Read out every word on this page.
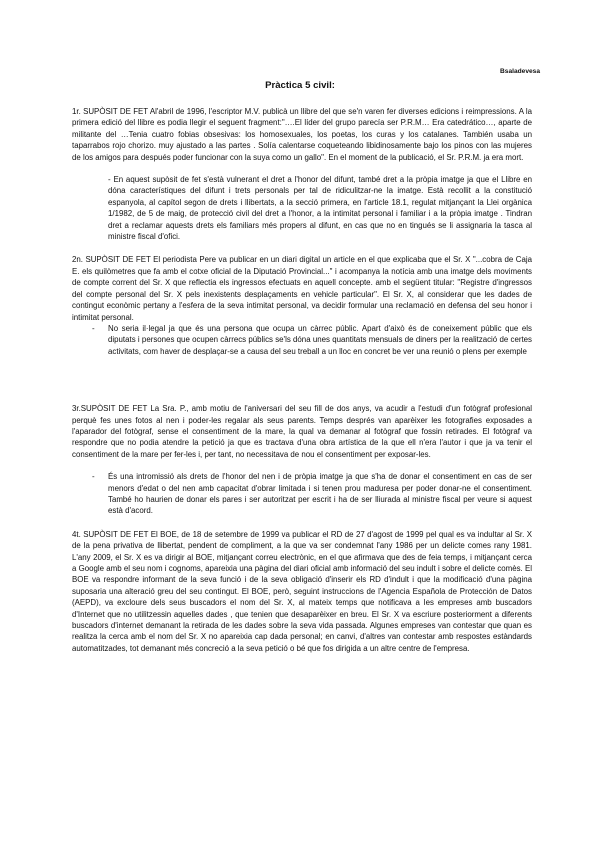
Bsaladevesa
Pràctica 5 civil:

1r. SUPÒSIT DE FET Al'abril de 1996, l'escriptor M.V. publicà un llibre del que se'n varen fer diverses edicions i reimpressions. A la primera edició del llibre es podia llegir el seguent fragment:"….El líder del grupo parecía ser P.R.M… Era catedrático…, aparte de militante del …Tenia cuatro fobias obsesivas: los homosexuales, los poetas, los curas y los catalanes. También usaba un taparrabos rojo chorizo. muy ajustado a las partes . Solía calentarse coqueteando libidinosamente bajo los pinos con las mujeres de los amigos para después poder funcionar con la suya como un gallo". En el moment de la publicació, el Sr. P.R.M. ja era mort.

- En aquest supòsit de fet s'està vulnerant el dret a l'honor del difunt, també dret a la pròpia imatge ja que el Llibre en dóna característiques del difunt i trets personals per tal de ridiculitzar-ne la imatge. Està recollit a la constitució espanyola, al capítol segon de drets i llibertats, a la secció primera, en l'article 18.1, regulat mitjançant la Llei orgànica 1/1982, de 5 de maig, de protecció civil del dret a l'honor, a la intimitat personal i familiar i a la pròpia imatge . Tindran dret a reclamar aquests drets els familiars més propers al difunt, en cas que no en tingués se li assignaria la tasca al ministre fiscal d'ofici.

2n. SUPÒSIT DE FET El periodista Pere va publicar en un diari digital un article en el que explicaba que el Sr. X "...cobra de Caja E. els quilòmetres que fa amb el cotxe oficial de la Diputació Provincial..." i acompanya la notícia amb una imatge dels moviments de compte corrent del Sr. X que reflectia els ingressos efectuats en aquell concepte. amb el següent titular: "Registre d'ingressos del compte personal del Sr. X pels inexistents desplaçaments en vehicle particular". El Sr. X, al considerar que les dades de contingut econòmic pertany a l'esfera de la seva intimitat personal, va decidir formular una reclamació en defensa del seu honor i intimitat personal.

-	No seria il·legal ja que és una persona que ocupa un càrrec públic. Apart d'això és de coneixement públic que els diputats i persones que ocupen càrrecs públics se'ls dóna unes quantitats mensuals de diners per la realització de certes activitats, com haver de desplaçar-se a causa del seu treball a un lloc en concret be ver una reunió o plens per exemple

3r.SUPÒSIT DE FET La Sra. P., amb motiu de l'aniversari del seu fill de dos anys, va acudir a l'estudi d'un fotògraf profesional perquè fes unes fotos al nen i poder-les regalar als seus parents. Temps després van aparèixer les fotografies exposades a l'aparador del fotògraf, sense el consentiment de la mare, la qual va demanar al fotògraf que fossin retirades. El fotògraf va respondre que no podia atendre la petició ja que es tractava d'una obra artística de la que ell n'era l'autor i que ja va tenir el consentiment de la mare per fer-les i, per tant, no necessitava de nou el consentiment per exposar-les.

-	És una intromissió als drets de l'honor del nen i de pròpia imatge ja que s'ha de donar el consentiment en cas de ser menors d'edat o del nen amb capacitat d'obrar limitada i si tenen prou maduresa per poder donar-ne el consentiment. També ho haurien de donar els pares i ser autoritzat per escrit i ha de ser lliurada al ministre fiscal per veure si aquest està d'acord.

4t. SUPÒSIT DE FET El BOE, de 18 de setembre de 1999 va publicar el RD de 27 d'agost de 1999 pel qual es va indultar al Sr. X de la pena privativa de llibertat, pendent de compliment, a la que va ser condemnat l'any 1986 per un delicte comes rany 1981. L'any 2009, el Sr. X es va dirigir al BOE, mitjançant correu electrònic, en el que afirmava que des de feia temps, i mitjançant cerca a Google amb el seu nom i cognoms, apareixia una pàgina del diari oficial amb informació del seu indult i sobre el delicte comès. El BOE va respondre informant de la seva funció i de la seva obligació d'inserir els RD d'indult i que la modificació d'una pàgina suposaria una alteració greu del seu contingut. El BOE, però, seguint instruccions de l'Agencia Española de Protección de Datos (AEPD), va excloure dels seus buscadors el nom del Sr. X, al mateix temps que notificava a les empreses amb buscadors d'Internet que no utilitzessin aquelles dades , que tenien que desaparèixer en breu. El Sr. X va escriure posteriorment a diferents buscadors d'internet demanant la retirada de les dades sobre la seva vida passada. Algunes empreses van contestar que quan es realitza la cerca amb el nom del Sr. X no apareixia cap dada personal; en canvi, d'altres van contestar amb respostes estàndards automatitzades, tot demanant més concreció a la seva petició o bé que fos dirigida a un altre centre de l'empresa.
